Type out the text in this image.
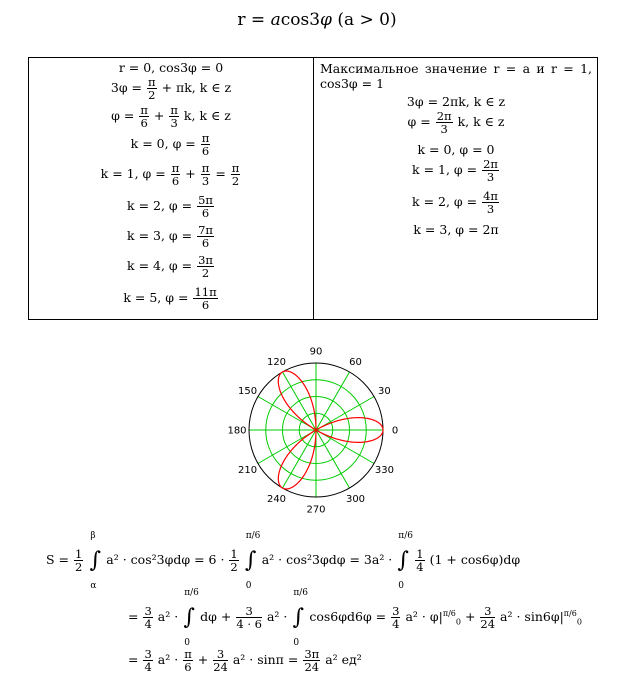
r = acos3φ (a > 0)
r = 0, cos3φ = 0
$3\varphi = \frac{\pi}{2} + \pi k$, k ∈ z
$\varphi = \frac{\pi}{6} + \frac{\pi}{3} k$, k ∈ z
k = 0, $\varphi = \frac{\pi}{6}$
k = 1, $\varphi = \frac{\pi}{6} + \frac{\pi}{3} = \frac{\pi}{2}$
k = 2, $\varphi = \frac{5\pi}{6}$
k = 3, $\varphi = \frac{7\pi}{6}$
k = 4, $\varphi = \frac{3\pi}{2}$
k = 5, $\varphi = \frac{11\pi}{6}$
Максимальное значение r = a и r = 1, cos3φ = 1
3φ = 2πk, k ∈ z
$\varphi = \frac{2\pi}{3} k$, k ∈ z
k = 0, φ = 0
k = 1, $\varphi = \frac{2\pi}{3}$
k = 2, $\varphi = \frac{4\pi}{3}$
k = 3, φ = 2π
0
30
60
90
120
150
180
210
240
270
300
330
$S = \frac{1}{2}$ ∫
β
α
$a^2 \cdot \cos^23\varphi d\varphi = 6 \cdot \frac{1}{2}$ ∫
π/6
0
a² · cos²3φdφ = 3a² · ∫
π/6
0

$\frac{1}{4} (1 + \cos 6\varphi)d\varphi$
= $\frac{3}{4} a^2$ · ∫
π/6
0
$d\varphi + \frac{3}{4 \cdot 6} a^2$ · ∫
π/6
0
$\cos 6\varphi d6\varphi = \frac{3}{4} a^2 \cdot \varphi|^{\pi/6}_0 + \frac{3}{24} a^2 \cdot \sin 6\varphi|^{\pi/6}_0$
= $\frac{3}{4} a^2 \cdot \frac{\pi}{6} + \frac{3}{24} a^2 \cdot \sin\pi = \frac{3\pi}{24} a^2$ ед²
